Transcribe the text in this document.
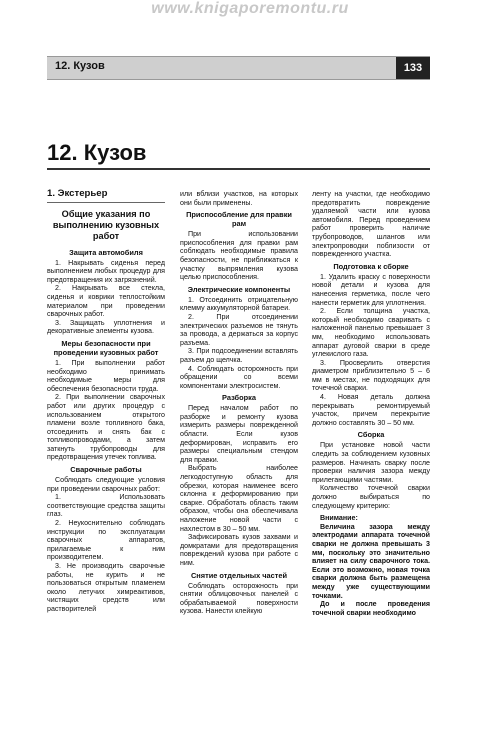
www.knigaporemontu.ru
12. Кузов	133
12. Кузов
1. Экстерьер
Общие указания по выполнению кузовных работ
Защита автомобиля

1. Накрывать сиденья перед выполнением любых процедур для предотвращения их загрязнений.

2. Накрывать все стекла, сиденья и коврики теплостойким материалом при проведении сварочных работ.

3. Защищать уплотнения и декоративные элементы кузова.

Меры безопасности при проведении кузовных работ

1. При выполнении работ необходимо принимать необходимые меры для обеспечения безопасности труда.

2. При выполнении сварочных работ или других процедур с использованием открытого пламени возле топливного бака, отсоединить и снять бак с топливопроводами, а затем заткнуть трубопроводы для предотвращения утечек топлива.

Сварочные работы

Соблюдать следующие условия при проведении сварочных работ:

1. Использовать соответствующие средства защиты глаз.

2. Неукоснительно соблюдать инструкции по эксплуатации сварочных аппаратов, прилагаемые к ним производителем.

3. Не производить сварочные работы, не курить и не пользоваться открытым пламенем около летучих химреактивов, чистящих средств или растворителей

или вблизи участков, на которых они были применены.

Приспособление для правки рам

При использовании приспособления для правки рам соблюдать необходимые правила безопасности, не приближаться к участку выпрямления кузова целью приспособления.

Электрические компоненты

1. Отсоединить отрицательную клемму аккумуляторной батареи.

2. При отсоединении электрических разъемов не тянуть за провода, а держаться за корпус разъема.

3. При подсоединении вставлять разъем до щелчка.

4. Соблюдать осторожность при обращении со всеми компонентами электросистем.

Разборка

Перед началом работ по разборке и ремонту кузова измерить размеры поврежденной области. Если кузов деформирован, исправить его размеры специальным стендом для правки.

Выбрать наиболее легкодоступную область для обрезки, которая наименее всего склонна к деформированию при сварке. Обработать область таким образом, чтобы она обеспечивала наложение новой части с нахлестом в 30 – 50 мм.

Зафиксировать кузов захвами и домкратами для предотвращения повреждений кузова при работе с ним.

Снятие отдельных частей

Соблюдать осторожность при снятии облицовочных панелей с обрабатываемой поверхности кузова. Нанести клейкую

ленту на участки, где необходимо предотвратить повреждение удаляемой части или кузова автомобиля. Перед проведением работ проверить наличие трубопроводов, шлангов или электропроводки поблизости от поврежденного участка.

Подготовка к сборке

1. Удалить краску с поверхности новой детали и кузова для нанесения герметика, после чего нанести герметик для уплотнения.

2. Если толщина участка, который необходимо сваривать с наложенной панелью превышает 3 мм, необходимо использовать аппарат дуговой сварки в среде углекислого газа.

3. Просверлить отверстия диаметром приблизительно 5 – 6 мм в местах, не подходящих для точечной сварки.

4. Новая деталь должна перекрывать ремонтируемый участок, причем перекрытие должно составлять 30 – 50 мм.

Сборка

При установке новой части следить за соблюдением кузовных размеров. Начинать сварку после проверки наличия зазора между прилегающими частями.

Количество точечной сварки должно выбираться по следующему критерию:

Внимание:

Величина зазора между электродами аппарата точечной сварки не должна превышать 3 мм, поскольку это значительно влияет на силу сварочного тока. Если это возможно, новая точка сварки должна быть размещена между уже существующими точками.

До и после проведения точечной сварки необходимо
